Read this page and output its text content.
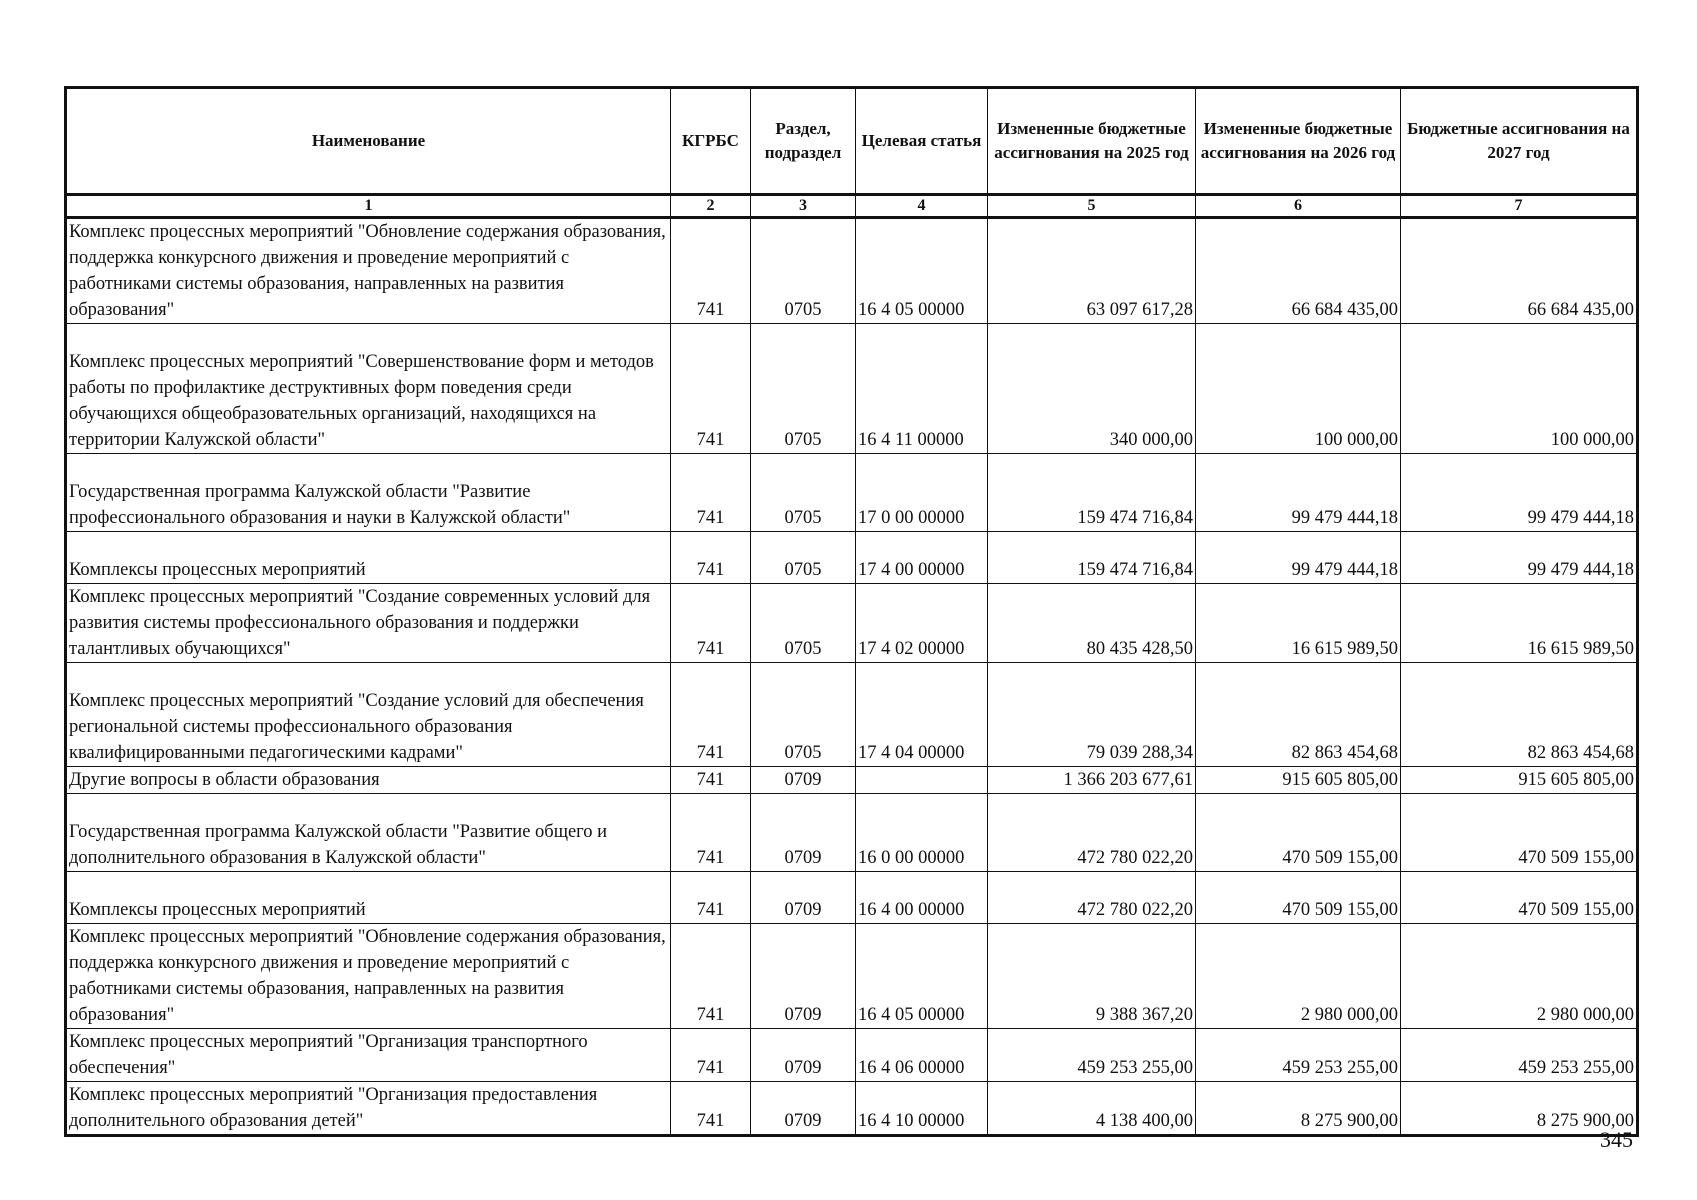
Наименование	КГРБС	Раздел, подраздел	Целевая статья	Измененные бюджетные ассигнования на 2025 год	Измененные бюджетные ассигнования на 2026 год	Бюджетные ассигнования на 2027 год
1	2	3	4	5	6	7
Комплекс процессных мероприятий "Обновление содержания образования, поддержка конкурсного движения и проведение мероприятий с работниками системы образования, направленных на развития образования"	741	0705	16 4 05 00000	63 097 617,28	66 684 435,00	66 684 435,00
Комплекс процессных мероприятий "Совершенствование форм и методов работы по профилактике деструктивных форм поведения среди обучающихся общеобразовательных организаций, находящихся на территории Калужской области"	741	0705	16 4 11 00000	340 000,00	100 000,00	100 000,00
Государственная программа Калужской области "Развитие профессионального образования и науки в Калужской области"	741	0705	17 0 00 00000	159 474 716,84	99 479 444,18	99 479 444,18
Комплексы процессных мероприятий	741	0705	17 4 00 00000	159 474 716,84	99 479 444,18	99 479 444,18
Комплекс процессных мероприятий "Создание современных условий для развития системы профессионального образования и поддержки талантливых обучающихся"	741	0705	17 4 02 00000	80 435 428,50	16 615 989,50	16 615 989,50
Комплекс процессных мероприятий "Создание условий для обеспечения региональной системы профессионального образования квалифицированными педагогическими кадрами"	741	0705	17 4 04 00000	79 039 288,34	82 863 454,68	82 863 454,68
Другие вопросы в области образования	741	0709		1 366 203 677,61	915 605 805,00	915 605 805,00
Государственная программа Калужской области "Развитие общего и дополнительного образования в Калужской области"	741	0709	16 0 00 00000	472 780 022,20	470 509 155,00	470 509 155,00
Комплексы процессных мероприятий	741	0709	16 4 00 00000	472 780 022,20	470 509 155,00	470 509 155,00
Комплекс процессных мероприятий "Обновление содержания образования, поддержка конкурсного движения и проведение мероприятий с работниками системы образования, направленных на развития образования"	741	0709	16 4 05 00000	9 388 367,20	2 980 000,00	2 980 000,00
Комплекс процессных мероприятий "Организация транспортного обеспечения"	741	0709	16 4 06 00000	459 253 255,00	459 253 255,00	459 253 255,00
Комплекс процессных мероприятий "Организация предоставления дополнительного образования детей"	741	0709	16 4 10 00000	4 138 400,00	8 275 900,00	8 275 900,00
345
